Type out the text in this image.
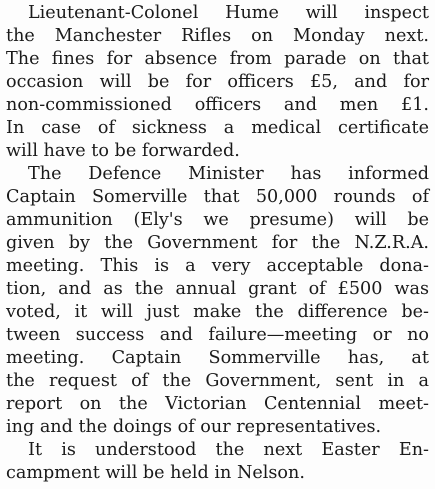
Lieutenant-Colonel Hume will inspect
the Manchester Rifles on Monday next.
The fines for absence from parade on that
occasion will be for officers £5, and for
non-commissioned officers and men £1.
In case of sickness a medical certificate
will have to be forwarded.
The Defence Minister has informed
Captain Somerville that 50,000 rounds of
ammunition (Ely's we presume) will be
given by the Government for the N.Z.R.A.
meeting. This is a very acceptable dona-
tion, and as the annual grant of £500 was
voted, it will just make the difference be-
tween success and failure—meeting or no
meeting. Captain Sommerville has, at
the request of the Government, sent in a
report on the Victorian Centennial meet-
ing and the doings of our representatives.
It is understood the next Easter En-
campment will be held in Nelson.
